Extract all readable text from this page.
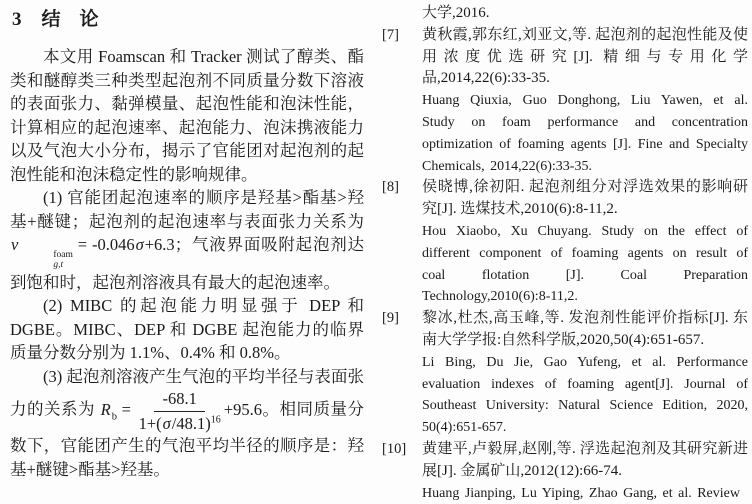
3 结　论

本文用 Foamscan 和 Tracker 测试了醇类、酯类和醚醇类三种类型起泡剂不同质量分数下溶液的表面张力、黏弹模量、起泡性能和泡沫性能，计算相应的起泡速率、起泡能力、泡沫携液能力以及气泡大小分布，揭示了官能团对起泡剂的起泡性能和泡沫稳定性的影响规律。

(1) 官能团起泡速率的顺序是羟基>酯基>羟基+醚键；起泡剂的起泡速率与表面张力关系为v
foam
g,t
= -0.046σ+6.3；气液界面吸附起泡剂达到饱和时，起泡剂溶液具有最大的起泡速率。

(2) MIBC 的起泡能力明显强于 DEP 和 DGBE。MIBC、DEP 和 DGBE 起泡能力的临界质量分数分别为 1.1%、0.4% 和 0.8%。

(3) 起泡剂溶液产生气泡的平均半径与表面张力的关系为 $R_b = \frac{-68.1}{1+(\sigma/48.1)^{16}} +95.6$。相同质量分数下，官能团产生的气泡平均半径的顺序是：羟基+醚键>酯基>羟基。

大学,2016.

[7]	黄秋霞,郭东红,刘亚文,等. 起泡剂的起泡性能及使用浓度优选研究[J]. 精细与专用化学品,2014,22(6):33-35.

Huang Qiuxia, Guo Donghong, Liu Yawen, et al. Study on foam performance and concentration optimization of foaming agents [J]. Fine and Specialty Chemicals, 2014,22(6):33-35.

[8]	侯晓博,徐初阳. 起泡剂组分对浮选效果的影响研究[J]. 选煤技术,2010(6):8-11,2.

Hou Xiaobo, Xu Chuyang. Study on the effect of different component of foaming agents on result of coal flotation [J]. Coal Preparation Technology,2010(6):8-11,2.

[9]	黎冰,杜杰,高玉峰,等. 发泡剂性能评价指标[J]. 东南大学学报:自然科学版,2020,50(4):651-657.

Li Bing, Du Jie, Gao Yufeng, et al. Performance evaluation indexes of foaming agent[J]. Journal of Southeast University: Natural Science Edition, 2020, 50(4):651-657.

[10]	黄建平,卢毅屏,赵刚,等. 浮选起泡剂及其研究新进展[J]. 金属矿山,2012(12):66-74.

Huang Jianping, Lu Yiping, Zhao Gang, et al. Review
